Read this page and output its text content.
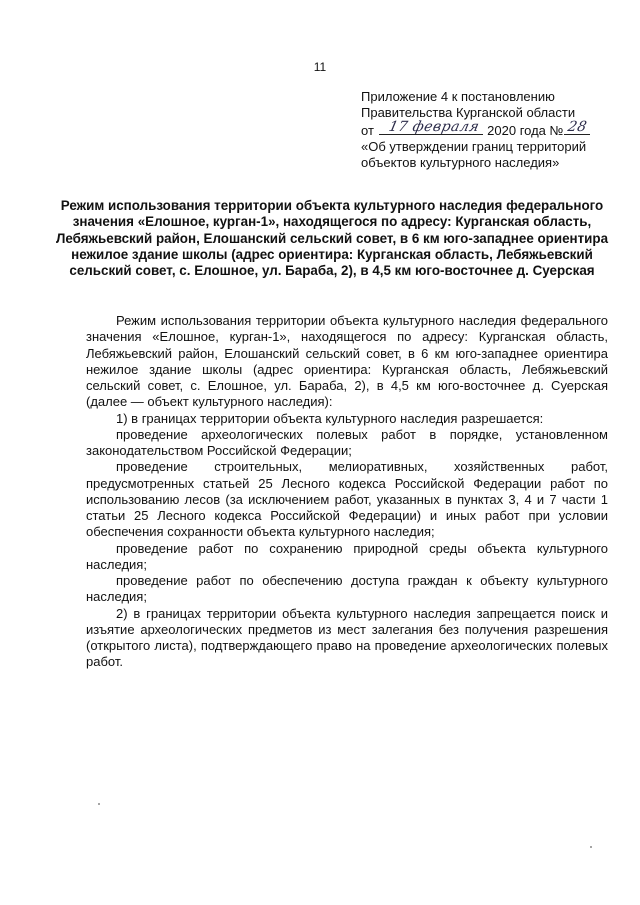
11
Приложение 4 к постановлению
Правительства Курганской области
от 17 февраля 2020 года № 28
«Об утверждении границ территорий
объектов культурного наследия»
Режим использования территории объекта культурного наследия федерального значения «Елошное, курган-1», находящегося по адресу: Курганская область, Лебяжьевский район, Елошанский сельский совет, в 6 км юго-западнее ориентира нежилое здание школы (адрес ориентира: Курганская область, Лебяжьевский сельский совет, с. Елошное, ул. Бараба, 2), в 4,5 км юго-восточнее д. Суерская

Режим использования территории объекта культурного наследия федерального значения «Елошное, курган-1», находящегося по адресу: Курганская область, Лебяжьевский район, Елошанский сельский совет, в 6 км юго-западнее ориентира нежилое здание школы (адрес ориентира: Курганская область, Лебяжьевский сельский совет, с. Елошное, ул. Бараба, 2), в 4,5 км юго-восточнее д. Суерская (далее — объект культурного наследия):

1) в границах территории объекта культурного наследия разрешается:

проведение археологических полевых работ в порядке, установленном законодательством Российской Федерации;

проведение строительных, мелиоративных, хозяйственных работ, предусмотренных статьей 25 Лесного кодекса Российской Федерации работ по использованию лесов (за исключением работ, указанных в пунктах 3, 4 и 7 части 1 статьи 25 Лесного кодекса Российской Федерации) и иных работ при условии обеспечения сохранности объекта культурного наследия;

проведение работ по сохранению природной среды объекта культурного наследия;

проведение работ по обеспечению доступа граждан к объекту культурного наследия;

2) в границах территории объекта культурного наследия запрещается поиск и изъятие археологических предметов из мест залегания без получения разрешения (открытого листа), подтверждающего право на проведение археологических полевых работ.
